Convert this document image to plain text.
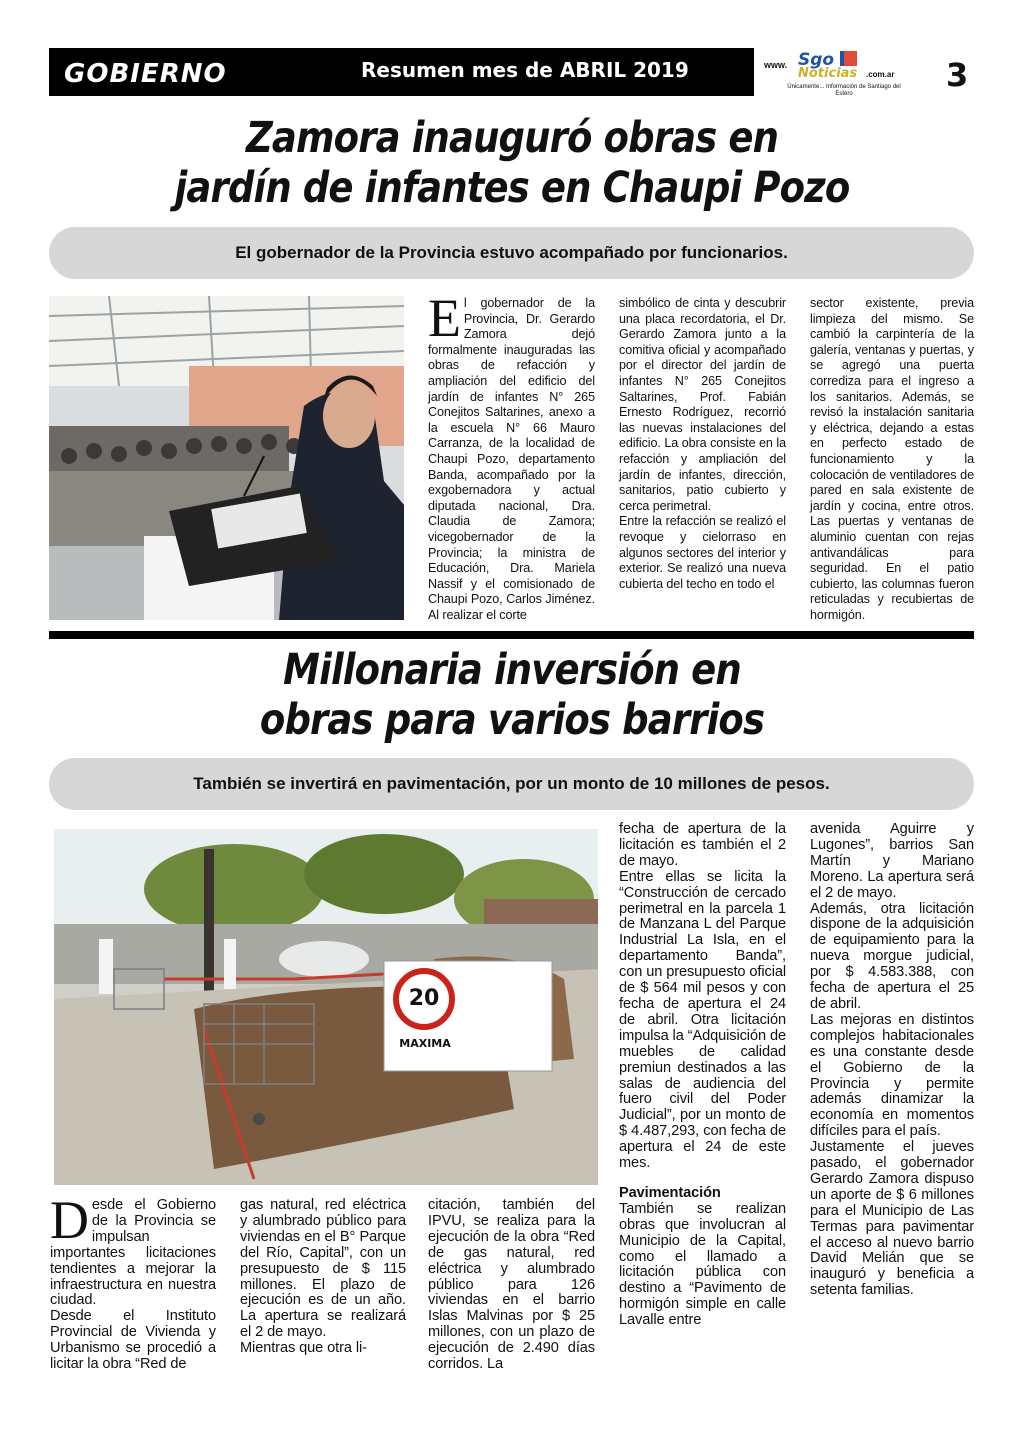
GOBIERNO	Resumen mes de ABRIL 2019	www. Sgo
Noticias .com.ar
Únicamente... Información de Santiago del Estero	3
Zamora inauguró obras en
jardín de infantes en Chaupi Pozo
El gobernador de la Provincia estuvo acompañado por funcionarios.
E l gobernador de la Provincia, Dr. Gerardo Zamora dejó formalmente inauguradas las obras de refacción y ampliación del edificio del jardín de infantes N° 265 Conejitos Saltarines, anexo a la escuela N° 66 Mauro Carranza, de la localidad de Chaupi Pozo, departamento Banda, acompañado por la exgobernadora y actual diputada nacional, Dra. Claudia de Zamora; vicegobernador de la Provincia; la ministra de Educación, Dra. Mariela Nassif y el comisionado de Chaupi Pozo, Carlos Jiménez. Al realizar el corte

simbólico de cinta y descubrir una placa recordatoria, el Dr. Gerardo Zamora junto a la comitiva oficial y acompañado por el director del jardín de infantes N° 265 Conejitos Saltarines, Prof. Fabián Ernesto Rodríguez, recorrió las nuevas instalaciones del edificio. La obra consiste en la refacción y ampliación del jardín de infantes, dirección, sanitarios, patio cubierto y cerca perimetral.

Entre la refacción se realizó el revoque y cielorraso en algunos sectores del interior y exterior. Se realizó una nueva cubierta del techo en todo el

sector existente, previa limpieza del mismo. Se cambió la carpintería de la galería, ventanas y puertas, y se agregó una puerta corrediza para el ingreso a los sanitarios. Además, se revisó la instalación sanitaria y eléctrica, dejando a estas en perfecto estado de funcionamiento y la colocación de ventiladores de pared en sala existente de jardín y cocina, entre otros. Las puertas y ventanas de aluminio cuentan con rejas antivandálicas para seguridad. En el patio cubierto, las columnas fueron reticuladas y recubiertas de hormigón.

Millonaria inversión en
obras para varios barrios
También se invertirá en pavimentación, por un monto de 10 millones de pesos.
20
MAXIMA

D esde el Gobierno de la Provincia se impulsan importantes licitaciones tendientes a mejorar la infraestructura en nuestra ciudad.

Desde el Instituto Provincial de Vivienda y Urbanismo se procedió a licitar la obra “Red de

gas natural, red eléctrica y alumbrado público para viviendas en el B° Parque del Río, Capital”, con un presupuesto de $ 115 millones. El plazo de ejecución es de un año. La apertura se realizará el 2 de mayo.

Mientras que otra li-

citación, también del IPVU, se realiza para la ejecución de la obra “Red de gas natural, red eléctrica y alumbrado público para 126 viviendas en el barrio Islas Malvinas por $ 25 millones, con un plazo de ejecución de 2.490 días corridos. La

fecha de apertura de la licitación es también el 2 de mayo.

Entre ellas se licita la “Construcción de cercado perimetral en la parcela 1 de Manzana L del Parque Industrial La Isla, en el departamento Banda”, con un presupuesto oficial de $ 564 mil pesos y con fecha de apertura el 24 de abril. Otra licitación impulsa la “Adquisición de muebles de calidad premiun destinados a las salas de audiencia del fuero civil del Poder Judicial”, por un monto de $ 4.487,293, con fecha de apertura el 24 de este mes.

Pavimentación

También se realizan obras que involucran al Municipio de la Capital, como el llamado a licitación pública con destino a “Pavimento de hormigón simple en calle Lavalle entre

avenida Aguirre y Lugones”, barrios San Martín y Mariano Moreno. La apertura será el 2 de mayo.

Además, otra licitación dispone de la adquisición de equipamiento para la nueva morgue judicial, por $ 4.583.388, con fecha de apertura el 25 de abril.

Las mejoras en distintos complejos habitacionales es una constante desde el Gobierno de la Provincia y permite además dinamizar la economía en momentos difíciles para el país.

Justamente el jueves pasado, el gobernador Gerardo Zamora dispuso un aporte de $ 6 millones para el Municipio de Las Termas para pavimentar el acceso al nuevo barrio David Melián que se inauguró y beneficia a setenta familias.
